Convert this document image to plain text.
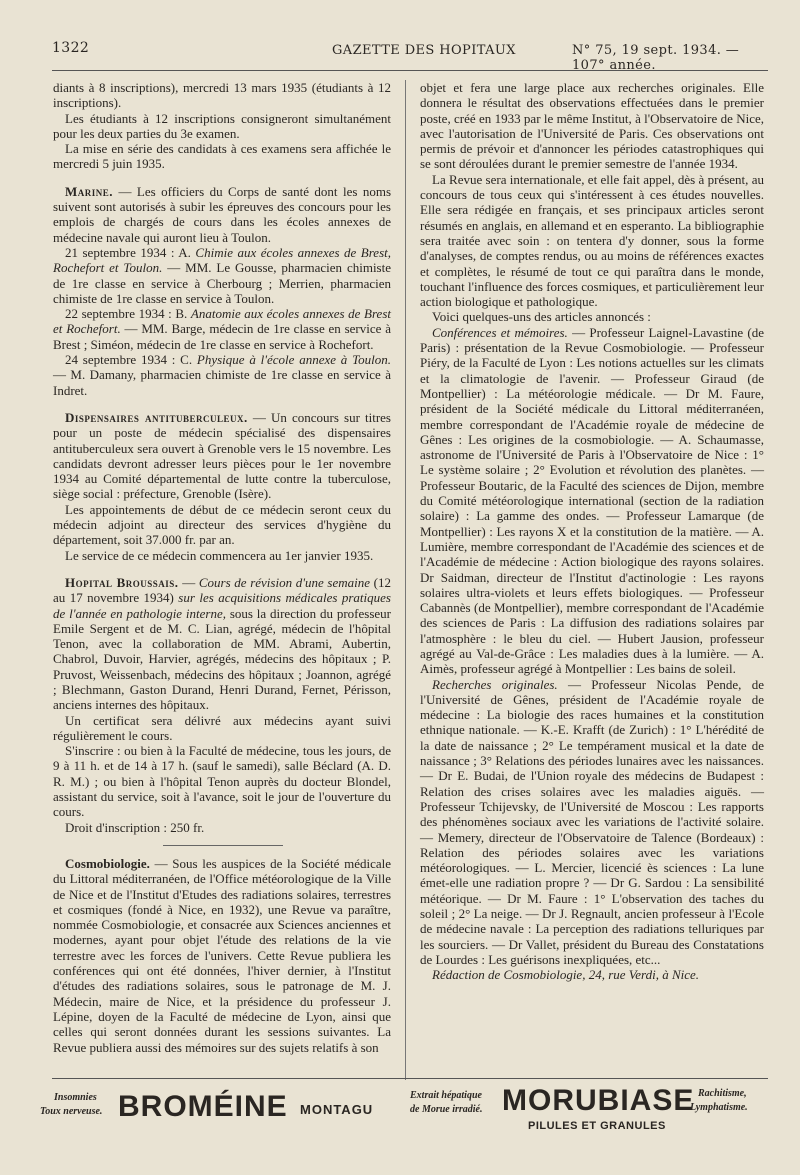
1322	GAZETTE DES HOPITAUX	N° 75, 19 sept. 1934. — 107° année.

diants à 8 inscriptions), mercredi 13 mars 1935 (étudiants à 12 inscriptions).

Les étudiants à 12 inscriptions consigneront simultanément pour les deux parties du 3e examen.

La mise en série des candidats à ces examens sera affichée le mercredi 5 juin 1935.

Marine. — Les officiers du Corps de santé dont les noms suivent sont autorisés à subir les épreuves des concours pour les emplois de chargés de cours dans les écoles annexes de médecine navale qui auront lieu à Toulon.

21 septembre 1934 : A. Chimie aux écoles annexes de Brest, Rochefort et Toulon. — MM. Le Gousse, pharmacien chimiste de 1re classe en service à Cherbourg ; Merrien, pharmacien chimiste de 1re classe en service à Toulon.

22 septembre 1934 : B. Anatomie aux écoles annexes de Brest et Rochefort. — MM. Barge, médecin de 1re classe en service à Brest ; Siméon, médecin de 1re classe en service à Rochefort.

24 septembre 1934 : C. Physique à l'école annexe à Toulon. — M. Damany, pharmacien chimiste de 1re classe en service à Indret.

Dispensaires antituberculeux. — Un concours sur titres pour un poste de médecin spécialisé des dispensaires antituberculeux sera ouvert à Grenoble vers le 15 novembre. Les candidats devront adresser leurs pièces pour le 1er novembre 1934 au Comité départemental de lutte contre la tuberculose, siège social : préfecture, Grenoble (Isère).

Les appointements de début de ce médecin seront ceux du médecin adjoint au directeur des services d'hygiène du département, soit 37.000 fr. par an.

Le service de ce médecin commencera au 1er janvier 1935.

Hopital Broussais. — Cours de révision d'une semaine (12 au 17 novembre 1934) sur les acquisitions médicales pratiques de l'année en pathologie interne, sous la direction du professeur Emile Sergent et de M. C. Lian, agrégé, médecin de l'hôpital Tenon, avec la collaboration de MM. Abrami, Aubertin, Chabrol, Duvoir, Harvier, agrégés, médecins des hôpitaux ; P. Pruvost, Weissenbach, médecins des hôpitaux ; Joannon, agrégé ; Blechmann, Gaston Durand, Henri Durand, Fernet, Périsson, anciens internes des hôpitaux.

Un certificat sera délivré aux médecins ayant suivi régulièrement le cours.

S'inscrire : ou bien à la Faculté de médecine, tous les jours, de 9 à 11 h. et de 14 à 17 h. (sauf le samedi), salle Béclard (A. D. R. M.) ; ou bien à l'hôpital Tenon auprès du docteur Blondel, assistant du service, soit à l'avance, soit le jour de l'ouverture du cours.

Droit d'inscription : 250 fr.

Cosmobiologie. — Sous les auspices de la Société médicale du Littoral méditerranéen, de l'Office météorologique de la Ville de Nice et de l'Institut d'Etudes des radiations solaires, terrestres et cosmiques (fondé à Nice, en 1932), une Revue va paraître, nommée Cosmobiologie, et consacrée aux Sciences anciennes et modernes, ayant pour objet l'étude des relations de la vie terrestre avec les forces de l'univers. Cette Revue publiera les conférences qui ont été données, l'hiver dernier, à l'Institut d'études des radiations solaires, sous le patronage de M. J. Médecin, maire de Nice, et la présidence du professeur J. Lépine, doyen de la Faculté de médecine de Lyon, ainsi que celles qui seront données durant les sessions suivantes. La Revue publiera aussi des mémoires sur des sujets relatifs à son

objet et fera une large place aux recherches originales. Elle donnera le résultat des observations effectuées dans le premier poste, créé en 1933 par le même Institut, à l'Observatoire de Nice, avec l'autorisation de l'Université de Paris. Ces observations ont permis de prévoir et d'annoncer les périodes catastrophiques qui se sont déroulées durant le premier semestre de l'année 1934.

La Revue sera internationale, et elle fait appel, dès à présent, au concours de tous ceux qui s'intéressent à ces études nouvelles. Elle sera rédigée en français, et ses principaux articles seront résumés en anglais, en allemand et en esperanto. La bibliographie sera traitée avec soin : on tentera d'y donner, sous la forme d'analyses, de comptes rendus, ou au moins de références exactes et complètes, le résumé de tout ce qui paraîtra dans le monde, touchant l'influence des forces cosmiques, et particulièrement leur action biologique et pathologique.

Voici quelques-uns des articles annoncés :

Conférences et mémoires. — Professeur Laignel-Lavastine (de Paris) : présentation de la Revue Cosmobiologie. — Professeur Piéry, de la Faculté de Lyon : Les notions actuelles sur les climats et la climatologie de l'avenir. — Professeur Giraud (de Montpellier) : La météorologie médicale. — Dr M. Faure, président de la Société médicale du Littoral méditerranéen, membre correspondant de l'Académie royale de médecine de Gênes : Les origines de la cosmobiologie. — A. Schaumasse, astronome de l'Université de Paris à l'Observatoire de Nice : 1° Le système solaire ; 2° Evolution et révolution des planètes. — Professeur Boutaric, de la Faculté des sciences de Dijon, membre du Comité météorologique international (section de la radiation solaire) : La gamme des ondes. — Professeur Lamarque (de Montpellier) : Les rayons X et la constitution de la matière. — A. Lumière, membre correspondant de l'Académie des sciences et de l'Académie de médecine : Action biologique des rayons solaires. Dr Saidman, directeur de l'Institut d'actinologie : Les rayons solaires ultra-violets et leurs effets biologiques. — Professeur Cabannès (de Montpellier), membre correspondant de l'Académie des sciences de Paris : La diffusion des radiations solaires par l'atmosphère : le bleu du ciel. — Hubert Jausion, professeur agrégé au Val-de-Grâce : Les maladies dues à la lumière. — A. Aimès, professeur agrégé à Montpellier : Les bains de soleil.

Recherches originales. — Professeur Nicolas Pende, de l'Université de Gênes, président de l'Académie royale de médecine : La biologie des races humaines et la constitution ethnique nationale. — K.-E. Krafft (de Zurich) : 1° L'hérédité de la date de naissance ; 2° Le tempérament musical et la date de naissance ; 3° Relations des périodes lunaires avec les naissances. — Dr E. Budai, de l'Union royale des médecins de Budapest : Relation des crises solaires avec les maladies aiguës. — Professeur Tchijevsky, de l'Université de Moscou : Les rapports des phénomènes sociaux avec les variations de l'activité solaire. — Memery, directeur de l'Observatoire de Talence (Bordeaux) : Relation des périodes solaires avec les variations météorologiques. — L. Mercier, licencié ès sciences : La lune émet-elle une radiation propre ? — Dr G. Sardou : La sensibilité météorique. — Dr M. Faure : 1° L'observation des taches du soleil ; 2° La neige. — Dr J. Regnault, ancien professeur à l'Ecole de médecine navale : La perception des radiations telluriques par les sourciers. — Dr Vallet, président du Bureau des Constatations de Lourdes : Les guérisons inexpliquées, etc...

Rédaction de Cosmobiologie, 24, rue Verdi, à Nice.

Insomnies
Toux nerveuse. BROMÉINE MONTAGU
Extrait hépatique
de Morue irradié. MORUBIASE Rachitisme,
Lymphatisme.
PILULES ET GRANULES
